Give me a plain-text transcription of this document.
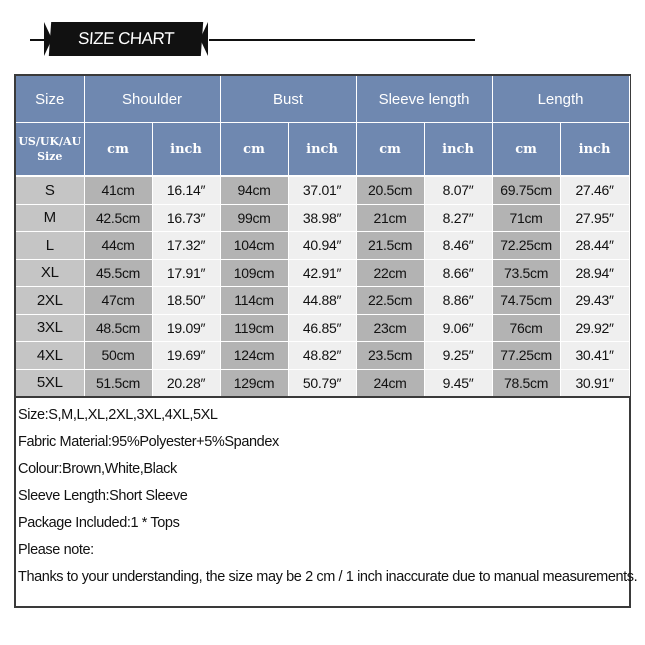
SIZE CHART
Size	Shoulder		Bust		Sleeve length		Length	
US/UK/AU
Size	cm	inch	cm	inch	cm	inch	cm	inch
S	41cm	16.14″	94cm	37.01″	20.5cm	8.07″	69.75cm	27.46″
M	42.5cm	16.73″	99cm	38.98″	21cm	8.27″	71cm	27.95″
L	44cm	17.32″	104cm	40.94″	21.5cm	8.46″	72.25cm	28.44″
XL	45.5cm	17.91″	109cm	42.91″	22cm	8.66″	73.5cm	28.94″
2XL	47cm	18.50″	114cm	44.88″	22.5cm	8.86″	74.75cm	29.43″
3XL	48.5cm	19.09″	119cm	46.85″	23cm	9.06″	76cm	29.92″
4XL	50cm	19.69″	124cm	48.82″	23.5cm	9.25″	77.25cm	30.41″
5XL	51.5cm	20.28″	129cm	50.79″	24cm	9.45″	78.5cm	30.91″
Size:S,M,L,XL,2XL,3XL,4XL,5XL
Fabric Material:95%Polyester+5%Spandex
Colour:Brown,White,Black
Sleeve Length:Short Sleeve
Package Included:1 * Tops
Please note:
Thanks to your understanding, the size may be 2 cm / 1 inch inaccurate due to manual measurements.
